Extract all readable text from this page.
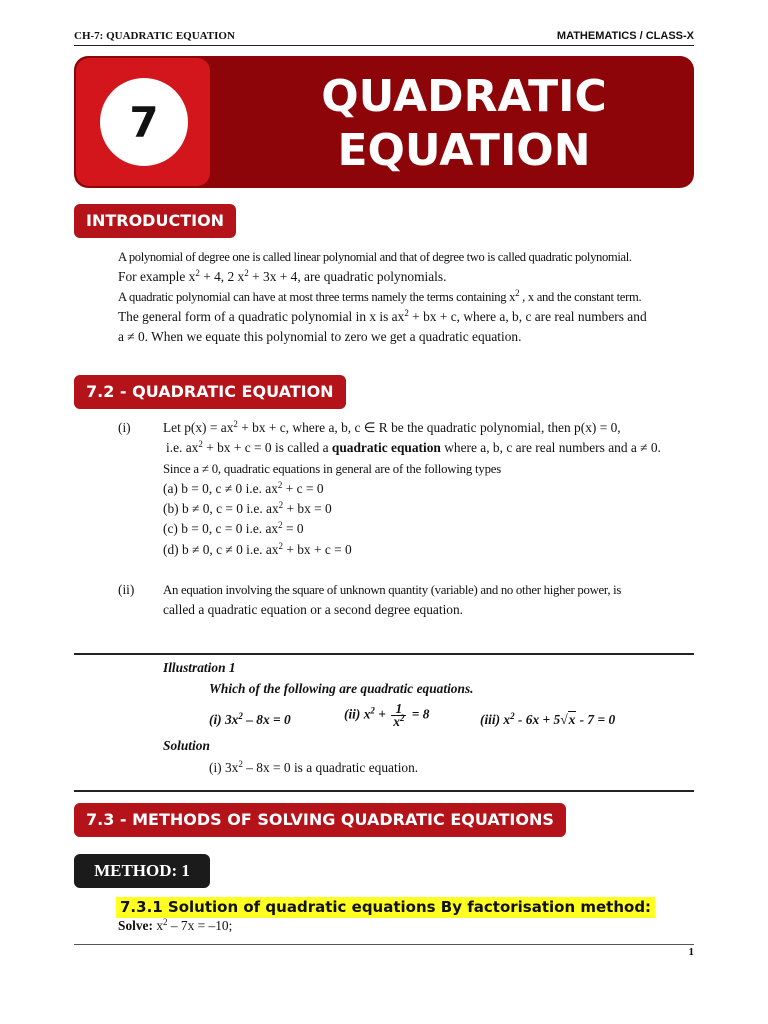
CH-7: QUADRATIC EQUATION	MATHEMATICS / CLASS-X
7	QUADRATIC
EQUATION
INTRODUCTION
A polynomial of degree one is called linear polynomial and that of degree two is called quadratic polynomial.
For example $x^2 + 4$, 2 $x^2 + 3x + 4$, are quadratic polynomials.
A quadratic polynomial can have at most three terms namely the terms containing $x^2$ , x and the constant term.
The general form of a quadratic polynomial in x is $ax^2$ + bx + c, where a, b, c are real numbers and
a ≠ 0. When we equate this polynomial to zero we get a quadratic equation.
7.2 - QUADRATIC EQUATION
(i) Let $p(x) = ax^2$ + bx + c, where a, b, c ∈ R be the quadratic polynomial, then p(x) = 0,
i.e. $ax^2$ + bx + c = 0 is called a quadratic equation where a, b, c are real numbers and a ≠ 0.
Since a ≠ 0, quadratic equations in general are of the following types
(a) b = 0, c ≠ 0 i.e. $ax^2 + c = 0$
(b) b ≠ 0, c = 0 i.e. $ax^2$ + bx = 0
(c) b = 0, c = 0 i.e. $ax^2 = 0$
(d) b ≠ 0, c ≠ 0 i.e. $ax^2$ + bx + c = 0
(ii) An equation involving the square of unknown quantity (variable) and no other higher power, is
called a quadratic equation or a second degree equation.
Illustration 1
Which of the following are quadratic equations.
(i) $3x^2 - 8x = 0$	(ii) $x^2 + \frac{1}{x^2} = 8$	(iii) $x^2 - 6x + 5√x - 7 = 0$
Solution
(i) $3x^2 - 8x = 0$ is a quadratic equation.
7.3 - METHODS OF SOLVING QUADRATIC EQUATIONS
METHOD: 1
7.3.1 Solution of quadratic equations By factorisation method:
Solve: $x^2 - 7x = -10$;
1
